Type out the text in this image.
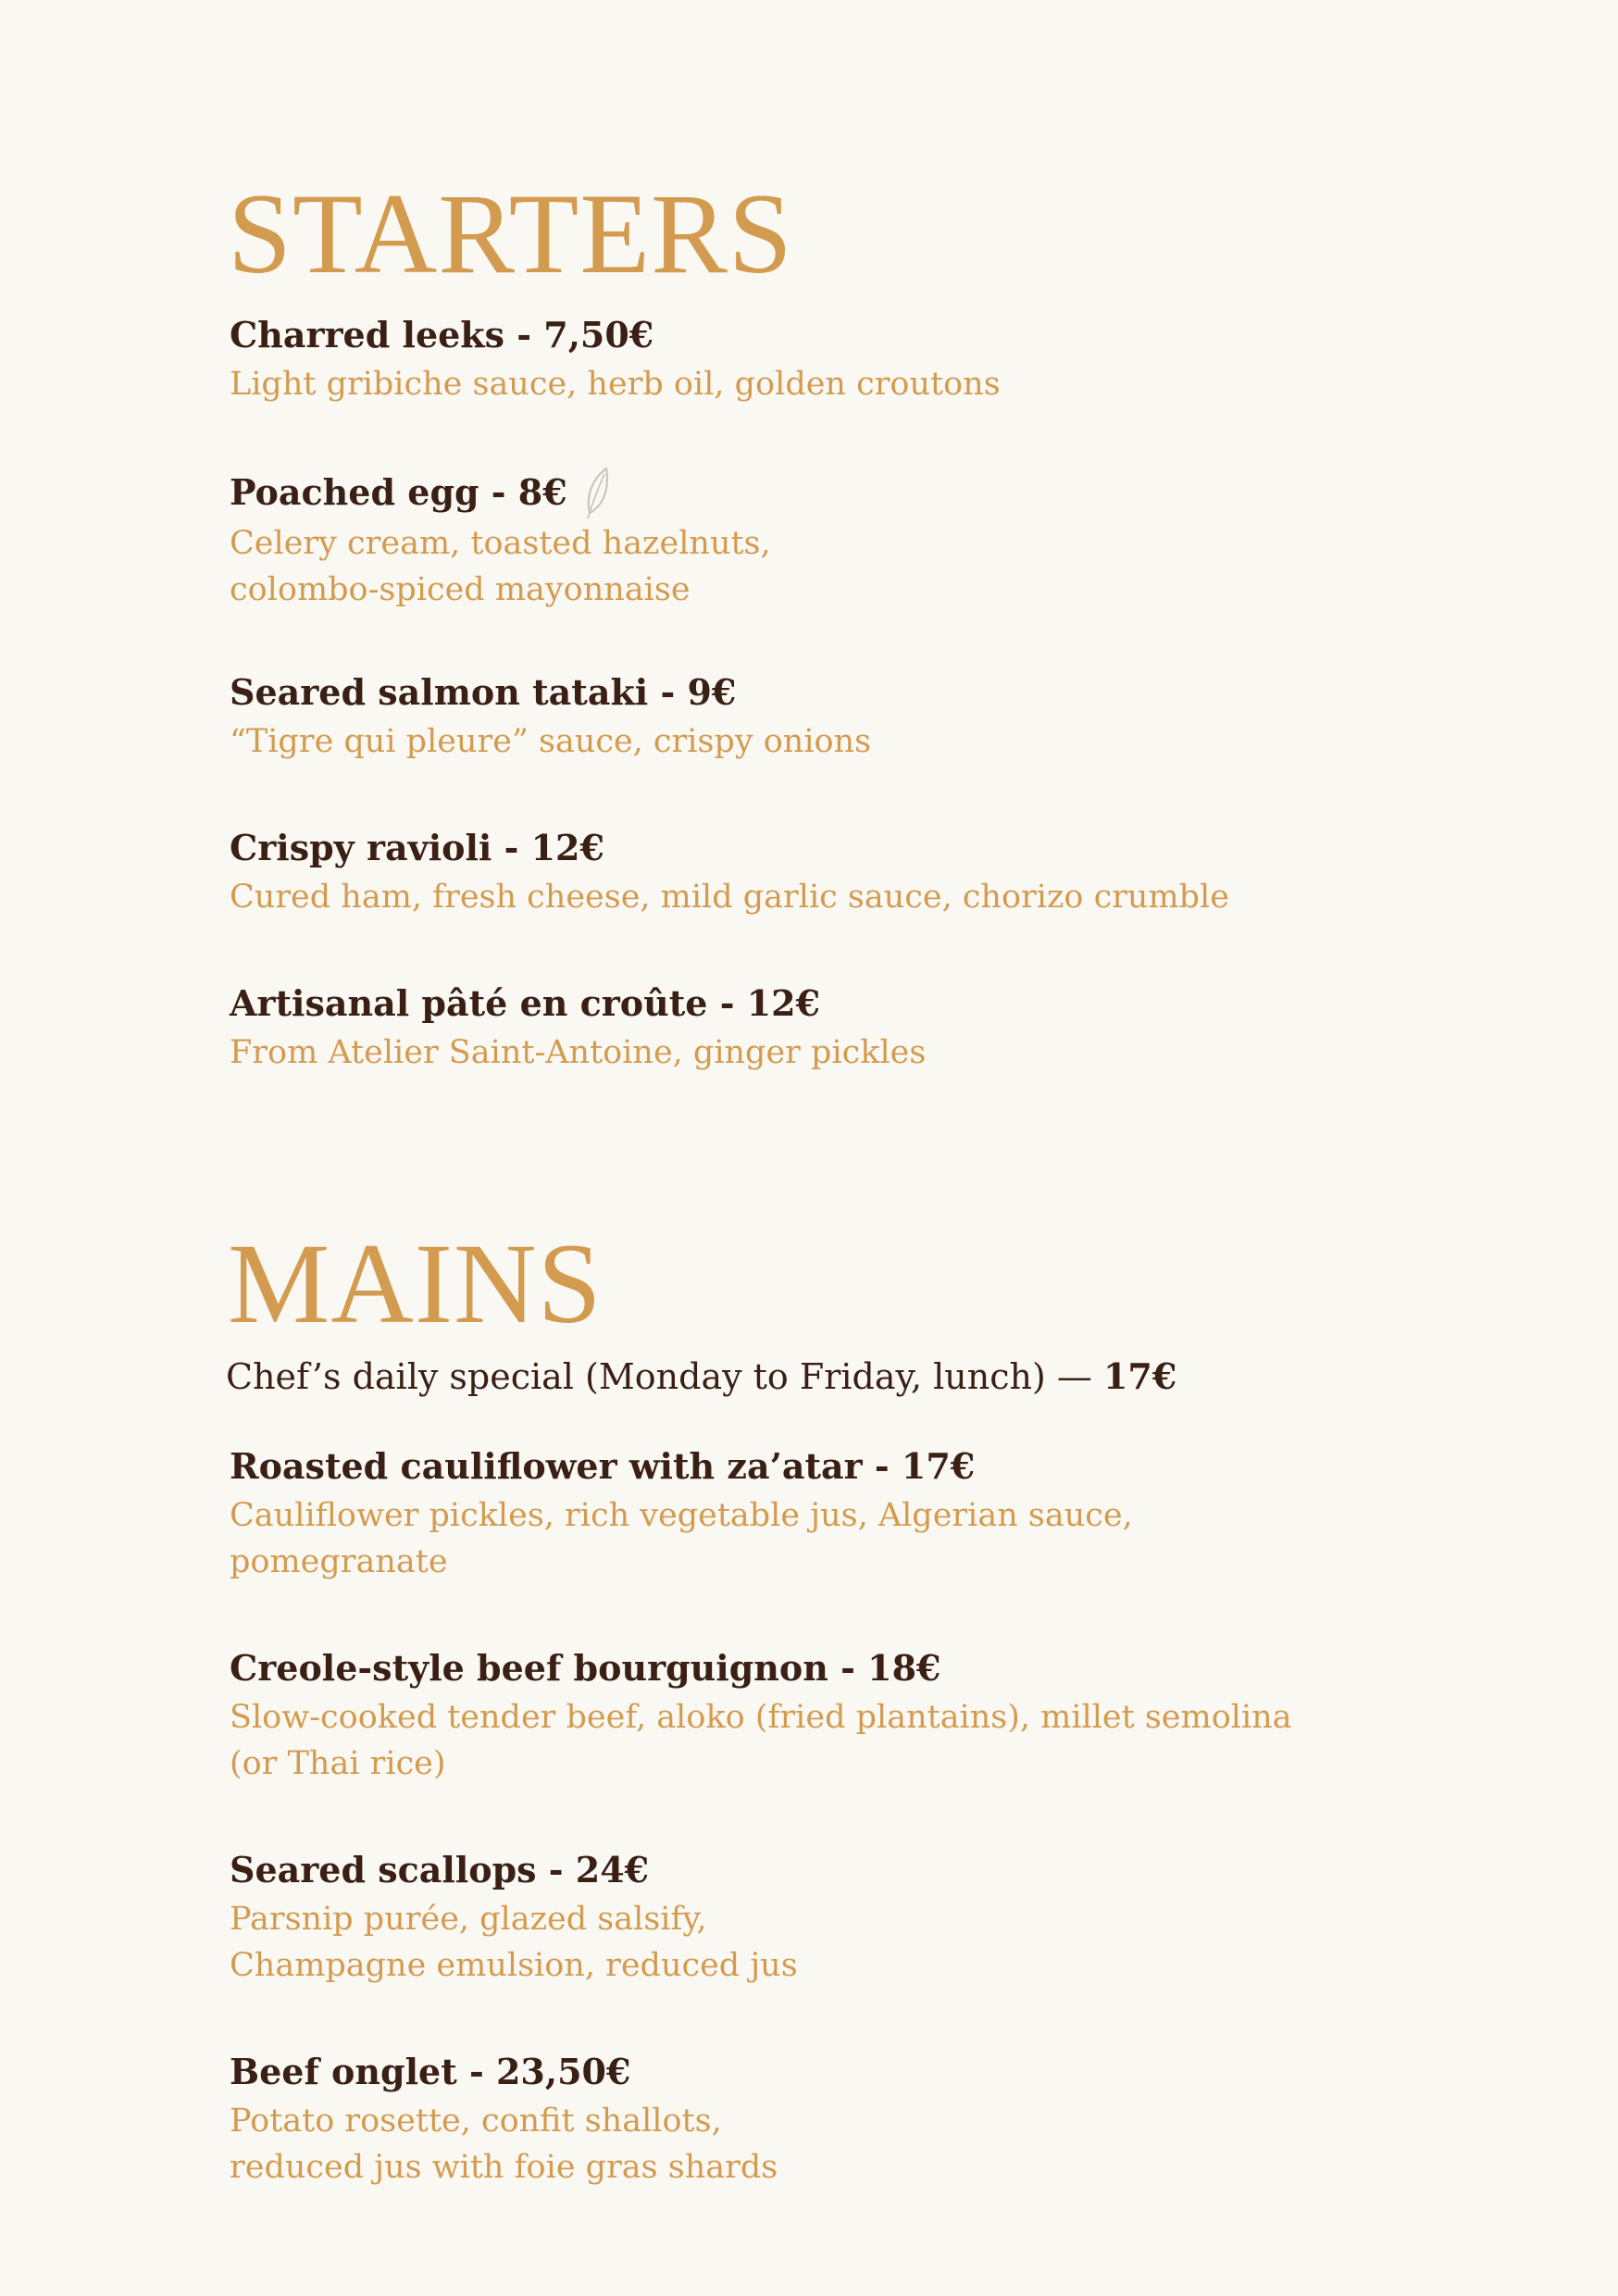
STARTERS
Charred leeks - 7,50€
Light gribiche sauce, herb oil, golden croutons
Poached egg - 8€
Celery cream, toasted hazelnuts,
colombo-spiced mayonnaise
Seared salmon tataki - 9€
“Tigre qui pleure” sauce, crispy onions
Crispy ravioli - 12€
Cured ham, fresh cheese, mild garlic sauce, chorizo crumble
Artisanal pâté en croûte - 12€
From Atelier Saint-Antoine, ginger pickles
MAINS
Chef’s daily special (Monday to Friday, lunch) — 17€
Roasted cauliflower with za’atar - 17€
Cauliflower pickles, rich vegetable jus, Algerian sauce,
pomegranate
Creole-style beef bourguignon - 18€
Slow-cooked tender beef, aloko (fried plantains), millet semolina
(or Thai rice)
Seared scallops - 24€
Parsnip purée, glazed salsify,
Champagne emulsion, reduced jus
Beef onglet - 23,50€
Potato rosette, confit shallots,
reduced jus with foie gras shards
